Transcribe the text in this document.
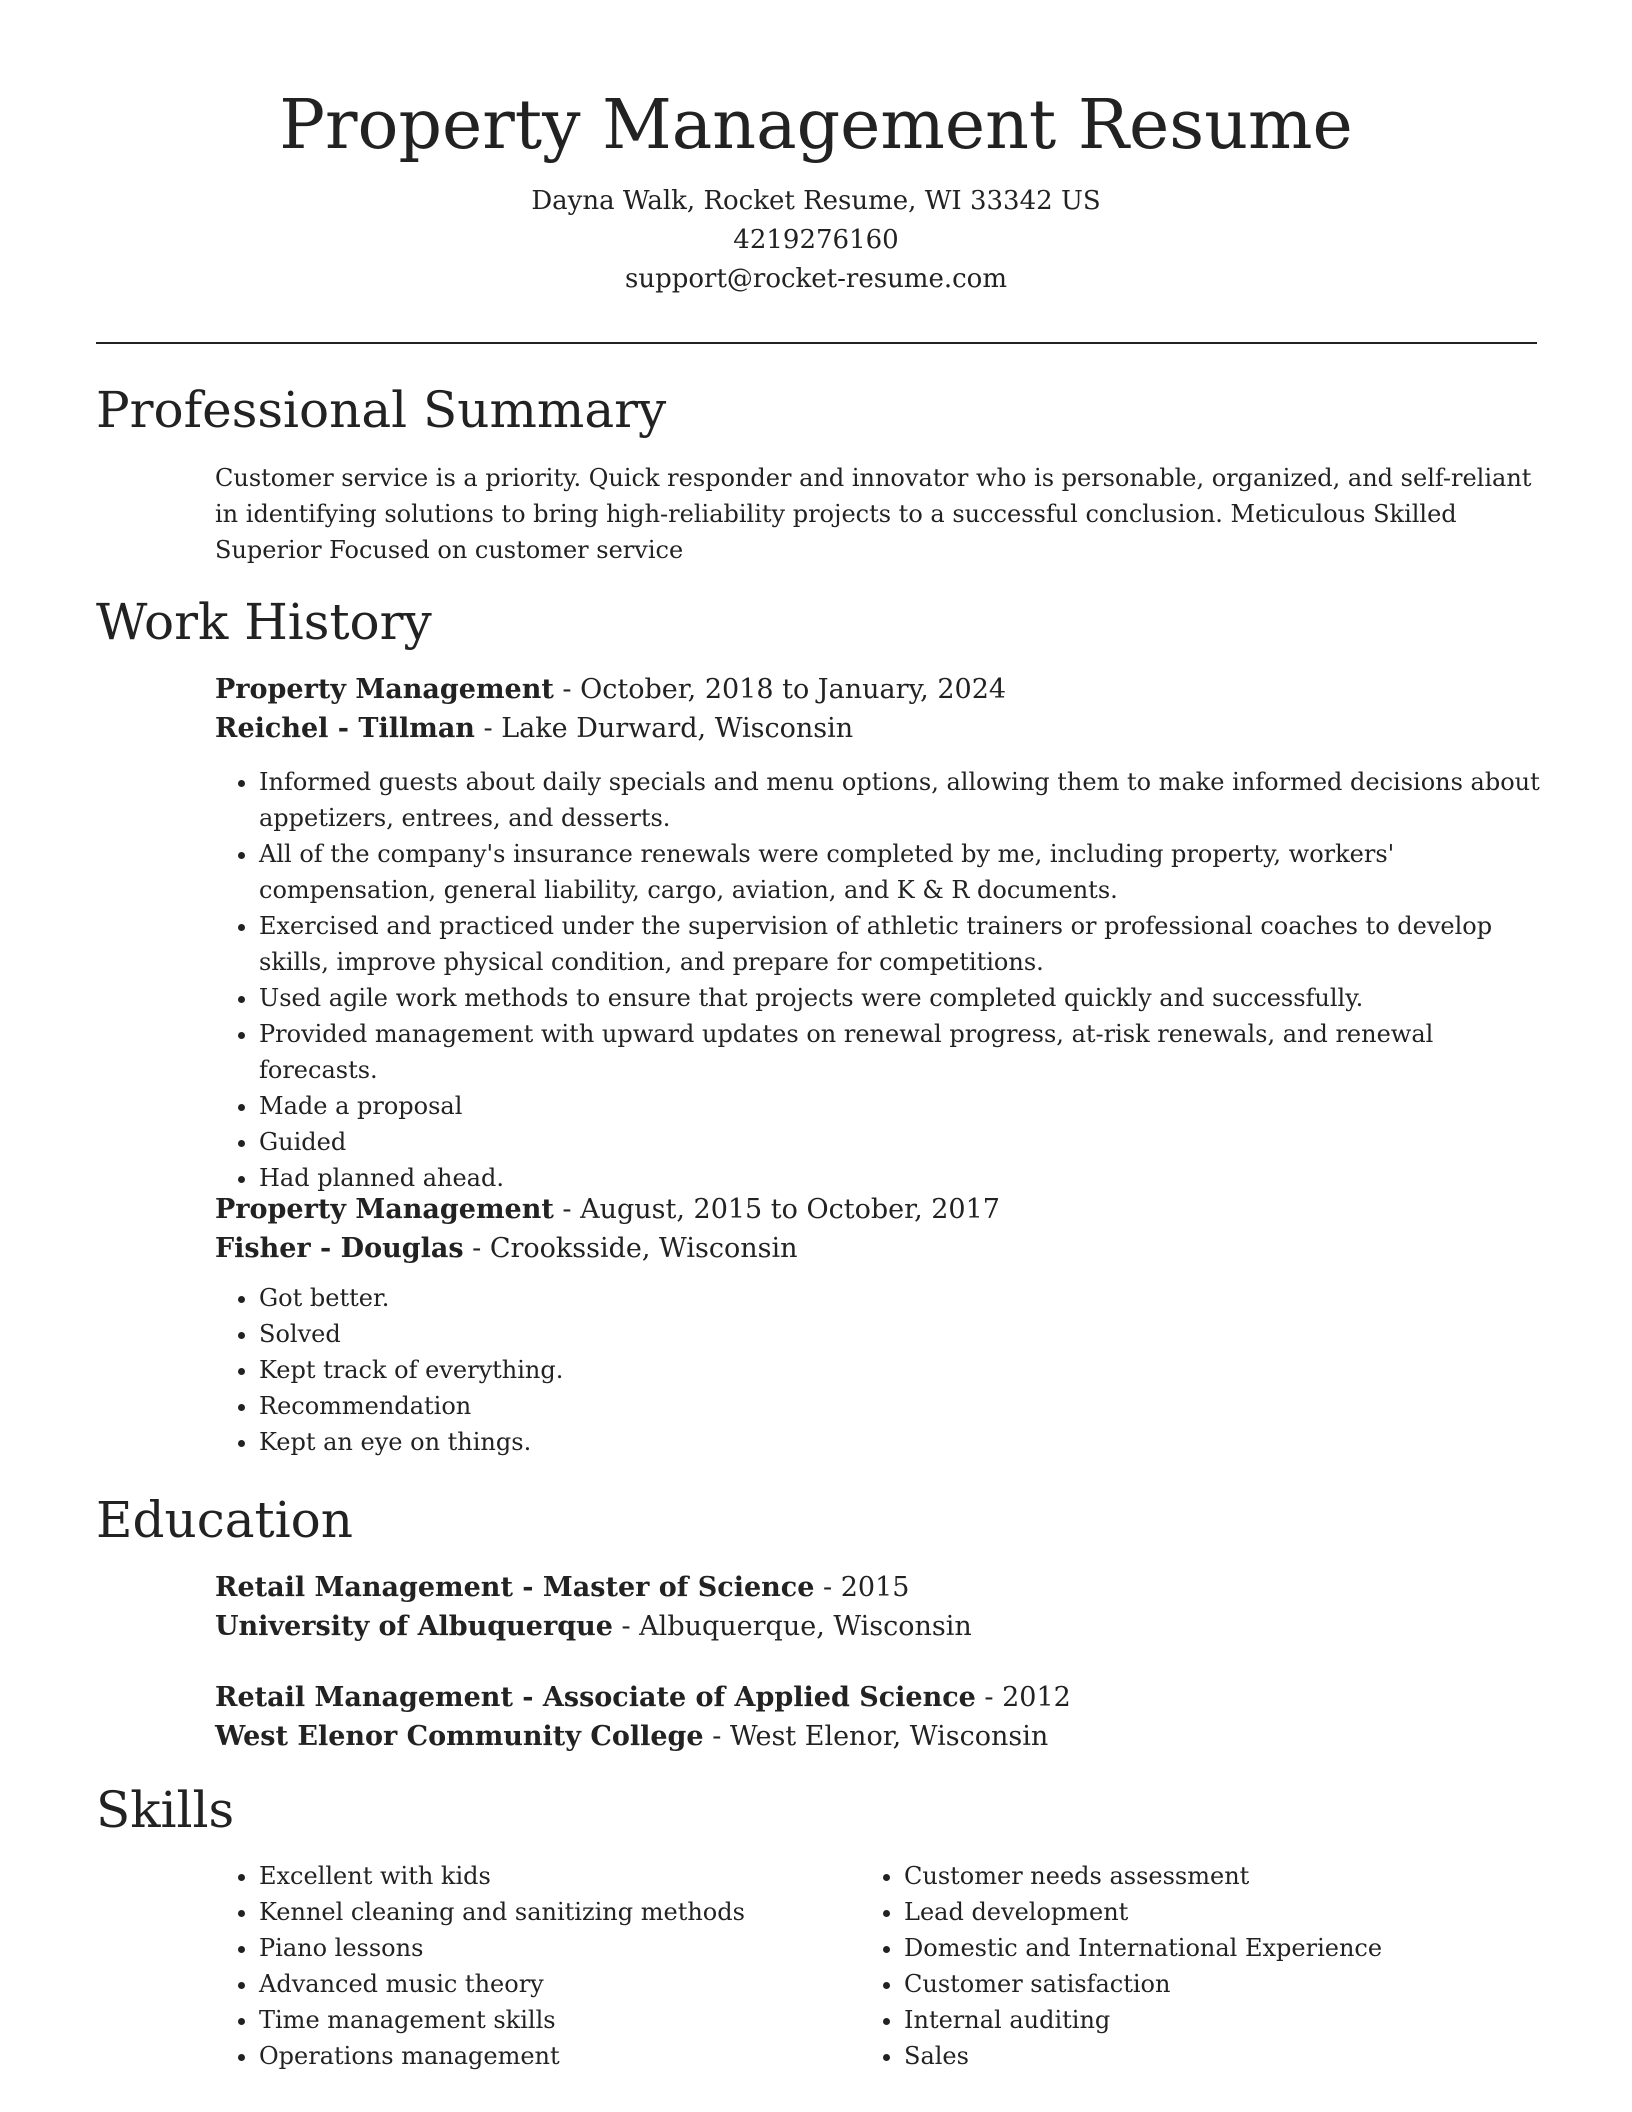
Property Management Resume
Dayna Walk, Rocket Resume, WI 33342 US
4219276160
support@rocket-resume.com
Professional Summary
Customer service is a priority. Quick responder and innovator who is personable, organized, and self-reliant in identifying solutions to bring high-reliability projects to a successful conclusion. Meticulous Skilled Superior Focused on customer service
Work History
Property Management - October, 2018 to January, 2024
Reichel - Tillman - Lake Durward, Wisconsin
• Informed guests about daily specials and menu options, allowing them to make informed decisions about appetizers, entrees, and desserts.
• All of the company's insurance renewals were completed by me, including property, workers' compensation, general liability, cargo, aviation, and K & R documents.
• Exercised and practiced under the supervision of athletic trainers or professional coaches to develop skills, improve physical condition, and prepare for competitions.
• Used agile work methods to ensure that projects were completed quickly and successfully.
• Provided management with upward updates on renewal progress, at-risk renewals, and renewal forecasts.
• Made a proposal
• Guided
• Had planned ahead.
Property Management - August, 2015 to October, 2017
Fisher - Douglas - Crooksside, Wisconsin
• Got better.
• Solved
• Kept track of everything.
• Recommendation
• Kept an eye on things.
Education
Retail Management - Master of Science - 2015
University of Albuquerque - Albuquerque, Wisconsin
Retail Management - Associate of Applied Science - 2012
West Elenor Community College - West Elenor, Wisconsin
Skills
• Excellent with kids
• Kennel cleaning and sanitizing methods
• Piano lessons
• Advanced music theory
• Time management skills
• Operations management
• Customer needs assessment
• Lead development
• Domestic and International Experience
• Customer satisfaction
• Internal auditing
• Sales
